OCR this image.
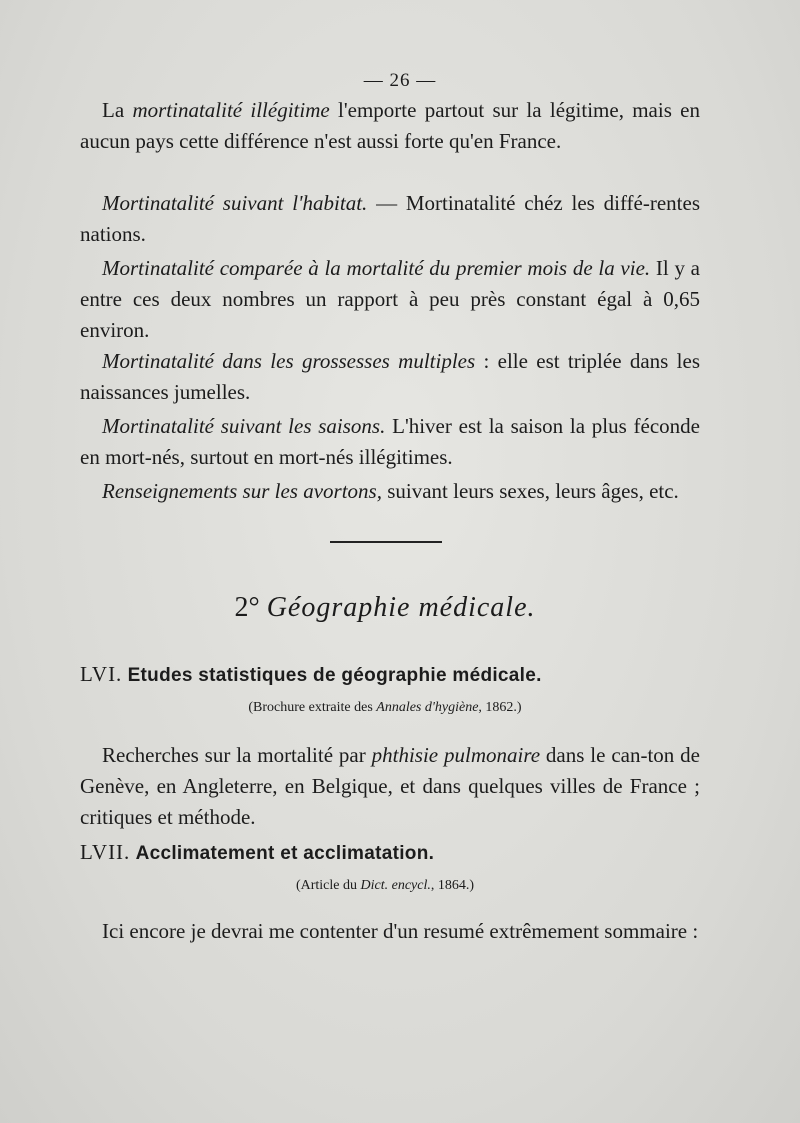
— 26 —

La mortinatalité illégitime l'emporte partout sur la légitime, mais en aucun pays cette différence n'est aussi forte qu'en France.

Mortinatalité suivant l'habitat. — Mortinatalité chéz les diffé-rentes nations.

Mortinatalité comparée à la mortalité du premier mois de la vie. Il y a entre ces deux nombres un rapport à peu près constant égal à 0,65 environ.

Mortinatalité dans les grossesses multiples : elle est triplée dans les naissances jumelles.

Mortinatalité suivant les saisons. L'hiver est la saison la plus féconde en mort-nés, surtout en mort-nés illégitimes.

Renseignements sur les avortons, suivant leurs sexes, leurs âges, etc.

2° Géographie médicale.
LVI. Etudes statistiques de géographie médicale.
(Brochure extraite des Annales d'hygiène, 1862.)

Recherches sur la mortalité par phthisie pulmonaire dans le can-ton de Genève, en Angleterre, en Belgique, et dans quelques villes de France ; critiques et méthode.

LVII. Acclimatement et acclimatation.
(Article du Dict. encycl., 1864.)

Ici encore je devrai me contenter d'un resumé extrêmement sommaire :
